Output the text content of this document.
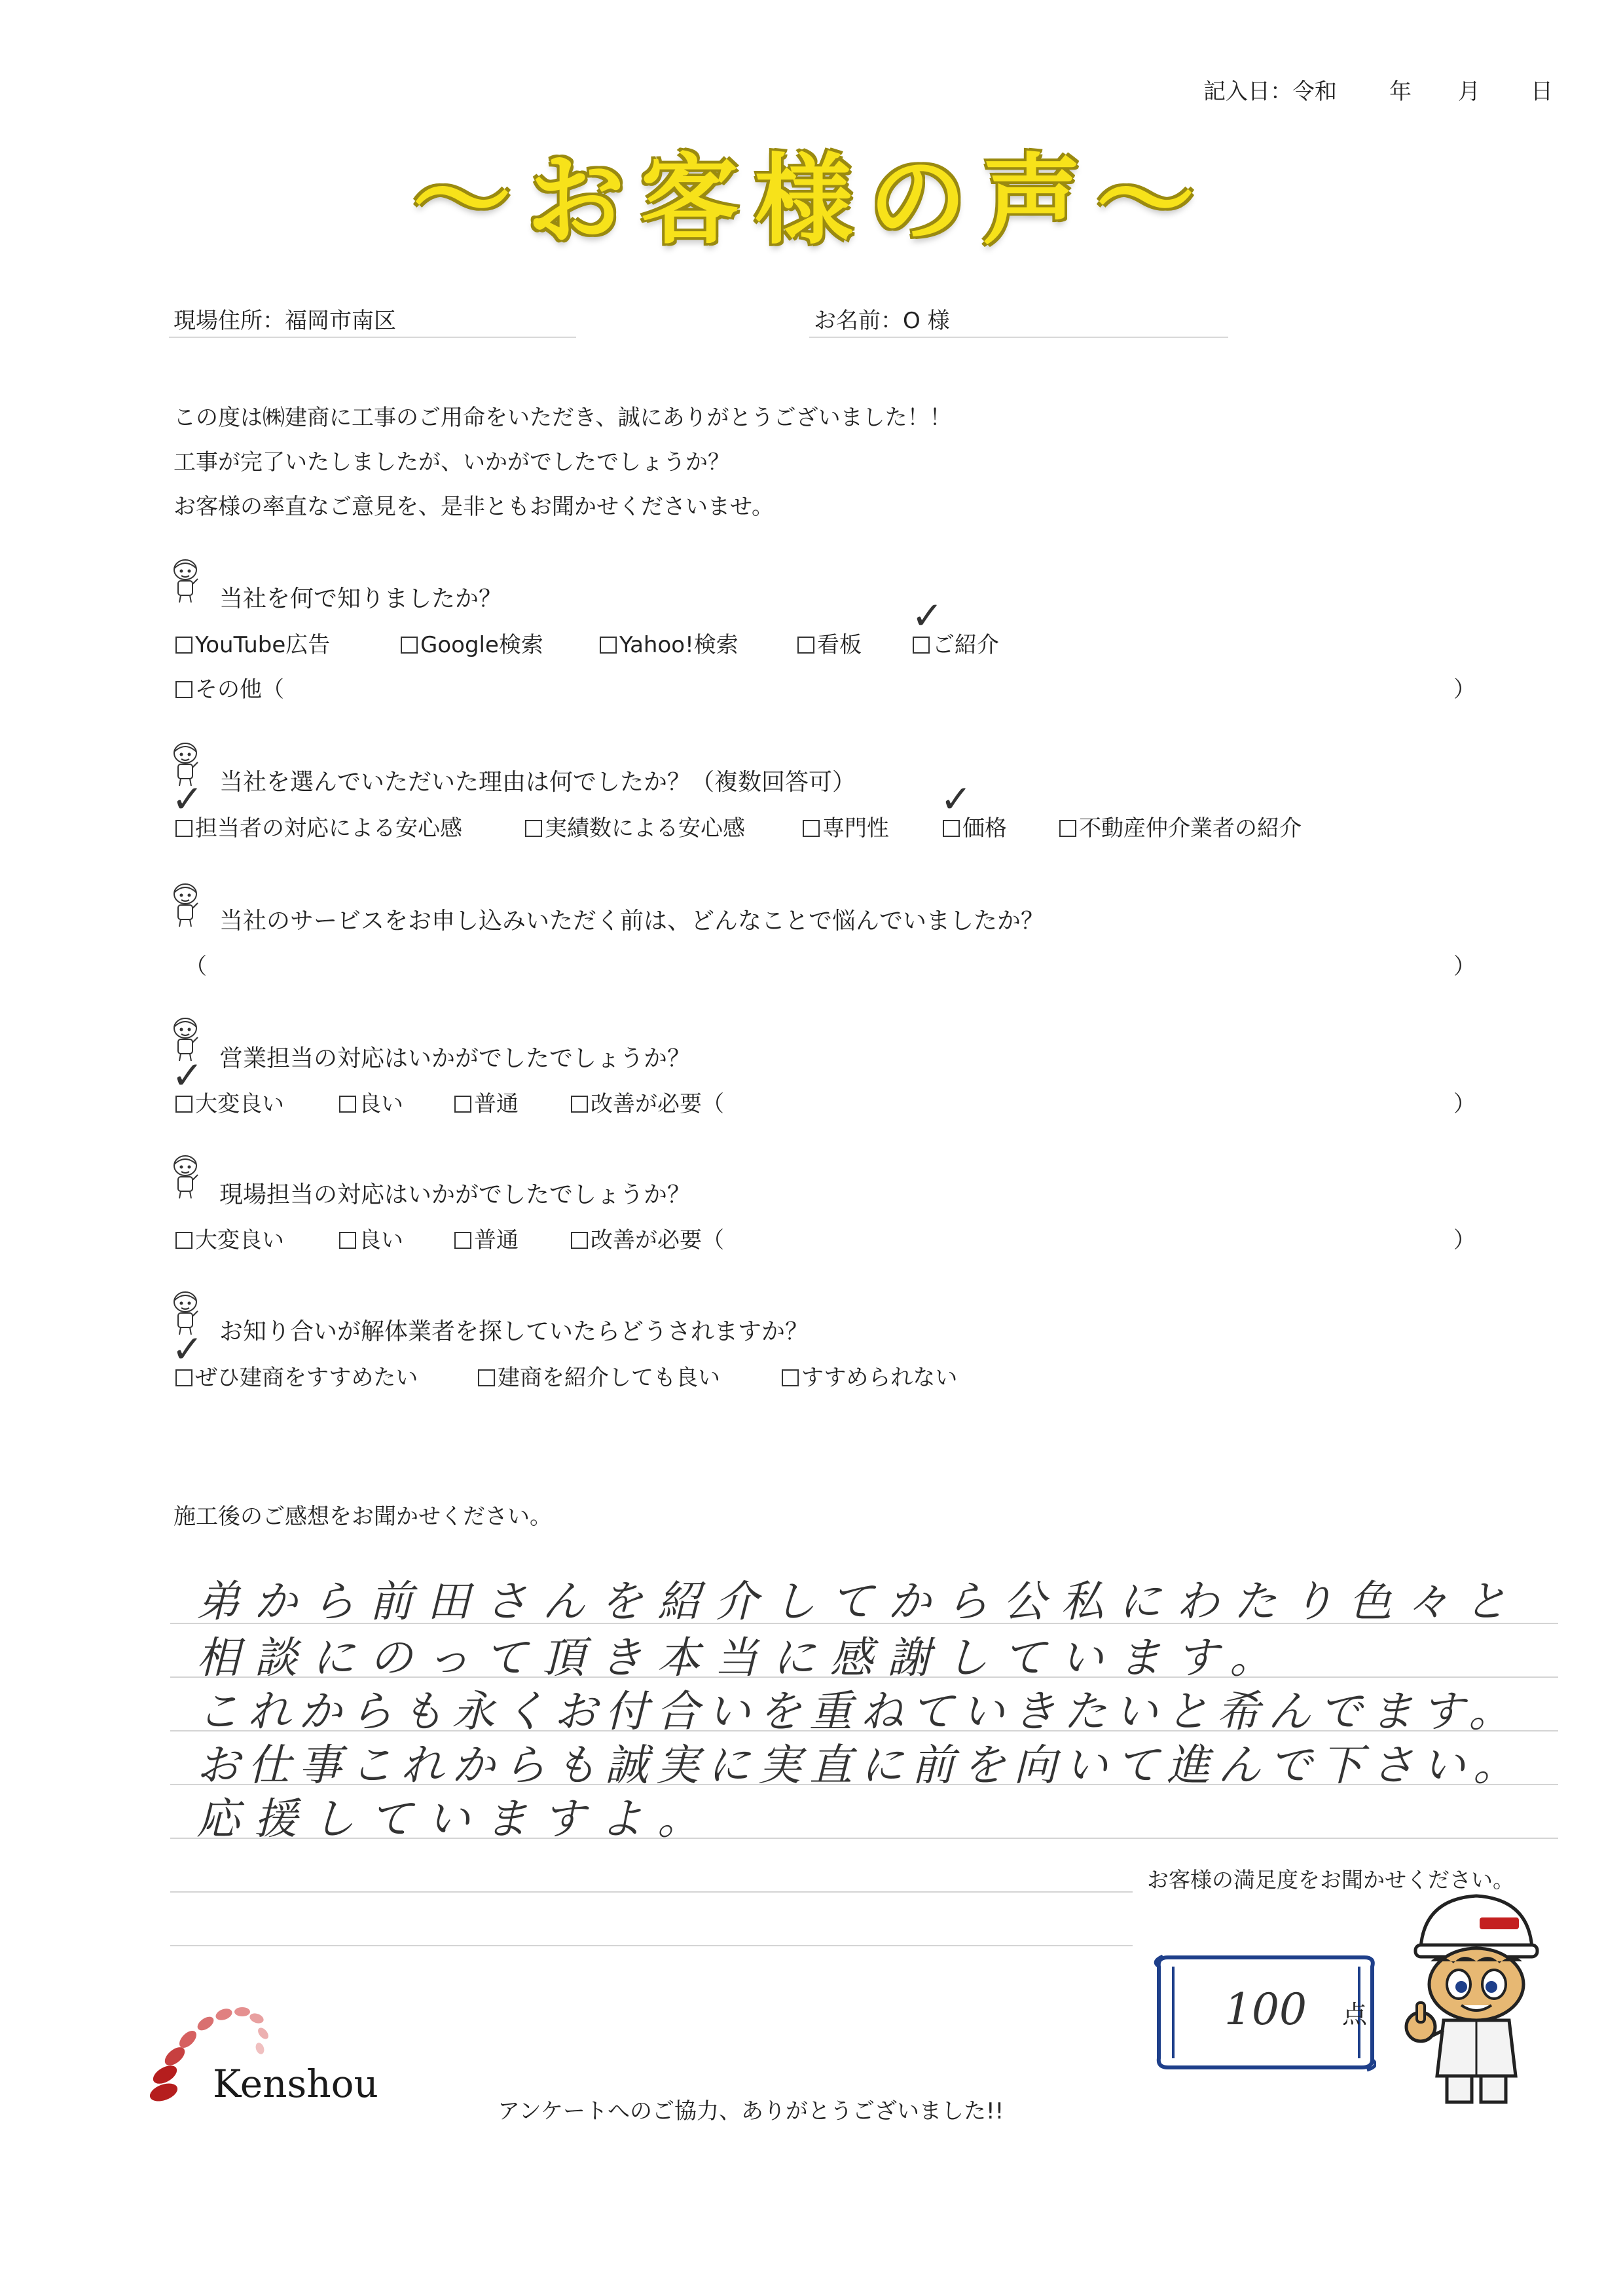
記入日：令和 年 月 日
～お客様の声～
現場住所：福岡市南区	お名前：O 様
この度は㈱建商に工事のご用命をいただき、誠にありがとうございました！！
工事が完了いたしましたが、いかがでしたでしょうか？
お客様の率直なご意見を、是非ともお聞かせくださいませ。
当社を何で知りましたか？
YouTube広告	Google検索	Yahoo!検索	看板	ご紹介
✓
その他（	）
当社を選んでいただいた理由は何でしたか？（複数回答可）
担当者の対応による安心感
✓
実績数による安心感	専門性	価格
✓
不動産仲介業者の紹介
当社のサービスをお申し込みいただく前は、どんなことで悩んでいましたか？
（	）
営業担当の対応はいかがでしたでしょうか？
大変良い
✓
良い	普通	改善が必要（	）
現場担当の対応はいかがでしたでしょうか？
大変良い	良い	普通	改善が必要（	）
お知り合いが解体業者を探していたらどうされますか？
ぜひ建商をすすめたい
✓
建商を紹介しても良い	すすめられない
施工後のご感想をお聞かせください。
弟から前田さんを紹介してから公私にわたり色々と
相談にのって頂き本当に感謝しています。
これからも永くお付合いを重ねていきたいと希んでます。
お仕事これからも誠実に実直に前を向いて進んで下さい。
応援していますよ。
お客様の満足度をお聞かせください。
100 点
Kenshou
アンケートへのご協力、ありがとうございました!!
